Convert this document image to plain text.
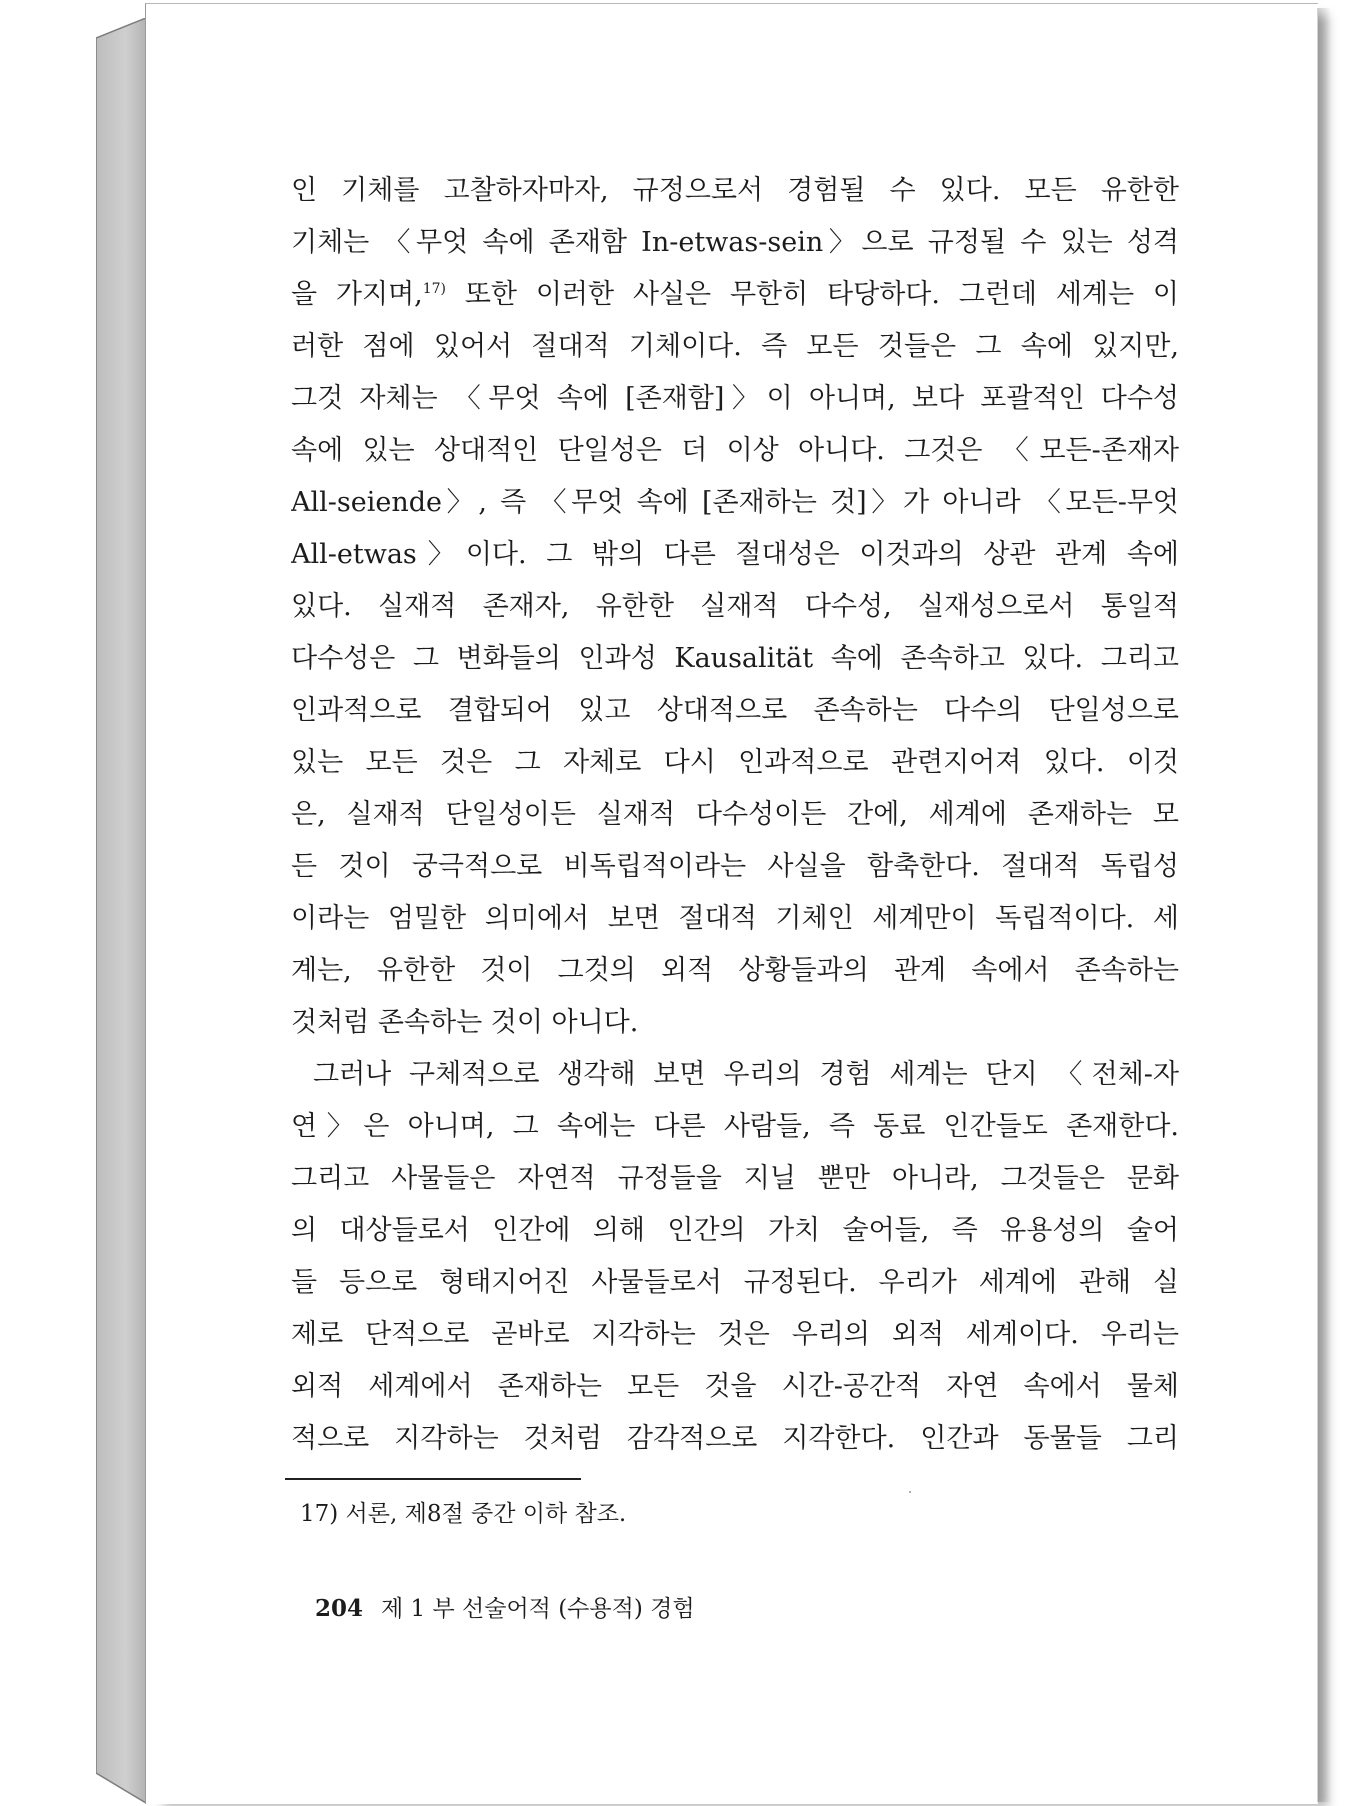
인 기체를 고찰하자마자, 규정으로서 경험될 수 있다. 모든 유한한
기체는 〈무엇 속에 존재함 In-etwas-sein〉으로 규정될 수 있는 성격
을 가지며,$^{17)}$ 또한 이러한 사실은 무한히 타당하다. 그런데 세계는 이
러한 점에 있어서 절대적 기체이다. 즉 모든 것들은 그 속에 있지만,
그것 자체는 〈무엇 속에 [존재함]〉이 아니며, 보다 포괄적인 다수성
속에 있는 상대적인 단일성은 더 이상 아니다. 그것은 〈모든-존재자
All-seiende〉, 즉 〈무엇 속에 [존재하는 것]〉가 아니라 〈모든-무엇
All-etwas〉이다. 그 밖의 다른 절대성은 이것과의 상관 관계 속에
있다. 실재적 존재자, 유한한 실재적 다수성, 실재성으로서 통일적
다수성은 그 변화들의 인과성 Kausalität 속에 존속하고 있다. 그리고
인과적으로 결합되어 있고 상대적으로 존속하는 다수의 단일성으로
있는 모든 것은 그 자체로 다시 인과적으로 관련지어져 있다. 이것
은, 실재적 단일성이든 실재적 다수성이든 간에, 세계에 존재하는 모
든 것이 궁극적으로 비독립적이라는 사실을 함축한다. 절대적 독립성
이라는 엄밀한 의미에서 보면 절대적 기체인 세계만이 독립적이다. 세
계는, 유한한 것이 그것의 외적 상황들과의 관계 속에서 존속하는
것처럼 존속하는 것이 아니다.
그러나 구체적으로 생각해 보면 우리의 경험 세계는 단지 〈전체-자
연〉은 아니며, 그 속에는 다른 사람들, 즉 동료 인간들도 존재한다.
그리고 사물들은 자연적 규정들을 지닐 뿐만 아니라, 그것들은 문화
의 대상들로서 인간에 의해 인간의 가치 술어들, 즉 유용성의 술어
들 등으로 형태지어진 사물들로서 규정된다. 우리가 세계에 관해 실
제로 단적으로 곧바로 지각하는 것은 우리의 외적 세계이다. 우리는
외적 세계에서 존재하는 모든 것을 시간-공간적 자연 속에서 물체
적으로 지각하는 것처럼 감각적으로 지각한다. 인간과 동물들 그리
17) 서론, 제8절 중간 이하 참조.
204 제 1 부 선술어적 (수용적) 경험
